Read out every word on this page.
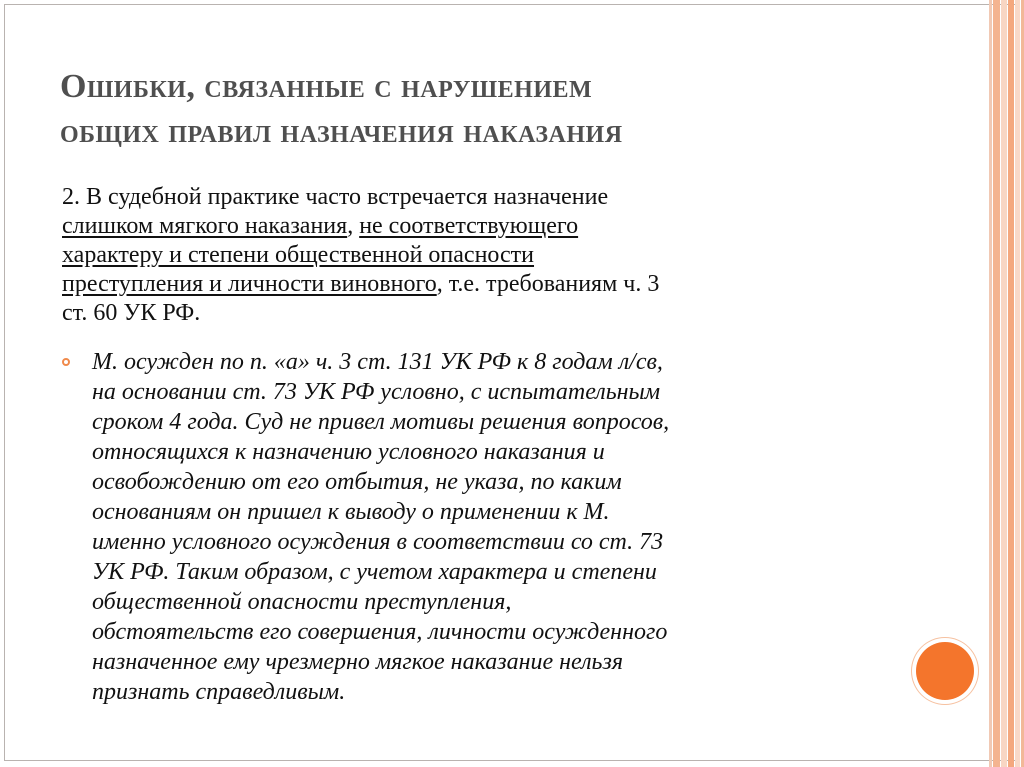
Ошибки, связанные с нарушением
общих правил назначения наказания
2. В судебной практике часто встречается назначение
слишком мягкого наказания, не соответствующего
характеру и степени общественной опасности
преступления и личности виновного, т.е. требованиям ч. 3
ст. 60 УК РФ.
М. осужден по п. «а» ч. 3 ст. 131 УК РФ к 8 годам л/св,
на основании ст. 73 УК РФ условно, с испытательным
сроком 4 года. Суд не привел мотивы решения вопросов,
относящихся к назначению условного наказания и
освобождению от его отбытия, не указа, по каким
основаниям он пришел к выводу о применении к М.
именно условного осуждения в соответствии со ст. 73
УК РФ. Таким образом, с учетом характера и степени
общественной опасности преступления,
обстоятельств его совершения, личности осужденного
назначенное ему чрезмерно мягкое наказание нельзя
признать справедливым.
